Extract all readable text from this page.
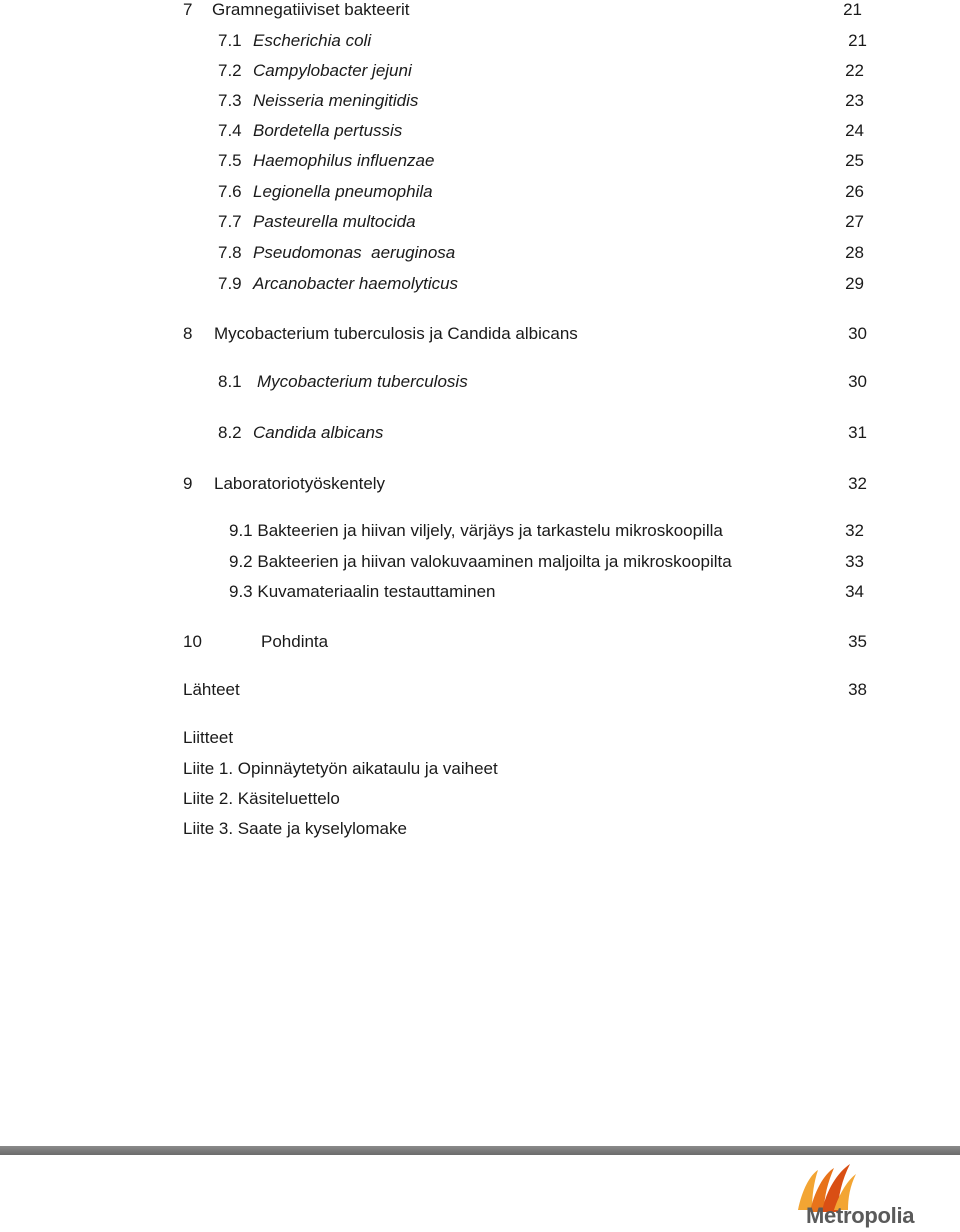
7 Gramnegatiiviset bakteerit	21
7.1 Escherichia coli	21
7.2 Campylobacter jejuni	22
7.3 Neisseria meningitidis	23
7.4 Bordetella pertussis	24
7.5 Haemophilus influenzae	25
7.6 Legionella pneumophila	26
7.7 Pasteurella multocida	27
7.8 Pseudomonas  aeruginosa	28
7.9 Arcanobacter haemolyticus	29
8 Mycobacterium tuberculosis ja Candida albicans	30
8.1 Mycobacterium tuberculosis	30
8.2 Candida albicans	31
9 Laboratoriotyöskentely	32
9.1 Bakteerien ja hiivan viljely, värjäys ja tarkastelu mikroskoopilla	32
9.2 Bakteerien ja hiivan valokuvaaminen maljoilta ja mikroskoopilta	33
9.3 Kuvamateriaalin testauttaminen	34
10	Pohdinta	35
Lähteet	38
Liitteet
Liite 1. Opinnäytetyön aikataulu ja vaiheet
Liite 2. Käsiteluettelo
Liite 3. Saate ja kyselylomake
Metropolia
